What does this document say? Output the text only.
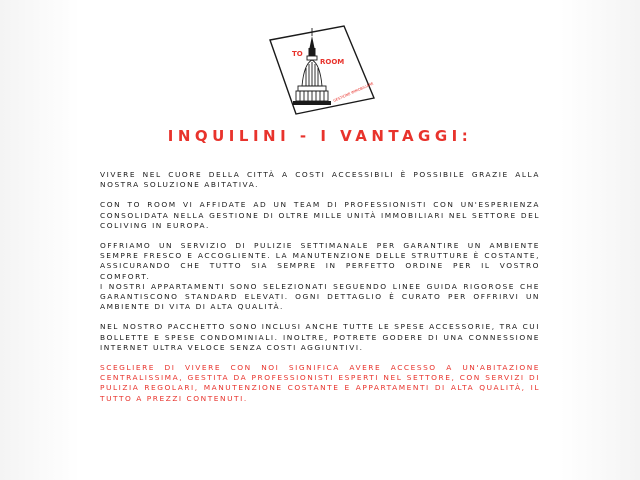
TO
ROOM
GESTIONE IMMOBILIARE
INQUILINI - I VANTAGGI:

VIVERE NEL CUORE DELLA CITTÀ A COSTI ACCESSIBILI È POSSIBILE GRAZIE ALLA NOSTRA SOLUZIONE ABITATIVA.

CON TO ROOM VI AFFIDATE AD UN TEAM DI PROFESSIONISTI CON UN'ESPERIENZA CONSOLIDATA NELLA GESTIONE DI OLTRE MILLE UNITÀ IMMOBILIARI NEL SETTORE DEL COLIVING IN EUROPA.

OFFRIAMO UN SERVIZIO DI PULIZIE SETTIMANALE PER GARANTIRE UN AMBIENTE SEMPRE FRESCO E ACCOGLIENTE. LA MANUTENZIONE DELLE STRUTTURE È COSTANTE, ASSICURANDO CHE TUTTO SIA SEMPRE IN PERFETTO ORDINE PER IL VOSTRO COMFORT.

I NOSTRI APPARTAMENTI SONO SELEZIONATI SEGUENDO LINEE GUIDA RIGOROSE CHE GARANTISCONO STANDARD ELEVATI. OGNI DETTAGLIO È CURATO PER OFFRIRVI UN AMBIENTE DI VITA DI ALTA QUALITÀ.

NEL NOSTRO PACCHETTO SONO INCLUSI ANCHE TUTTE LE SPESE ACCESSORIE, TRA CUI BOLLETTE E SPESE CONDOMINIALI. INOLTRE, POTRETE GODERE DI UNA CONNESSIONE INTERNET ULTRA VELOCE SENZA COSTI AGGIUNTIVI.

SCEGLIERE DI VIVERE CON NOI SIGNIFICA AVERE ACCESSO A UN'ABITAZIONE CENTRALISSIMA, GESTITA DA PROFESSIONISTI ESPERTI NEL SETTORE, CON SERVIZI DI PULIZIA REGOLARI, MANUTENZIONE COSTANTE E APPARTAMENTI DI ALTA QUALITÀ, IL TUTTO A PREZZI CONTENUTI.
